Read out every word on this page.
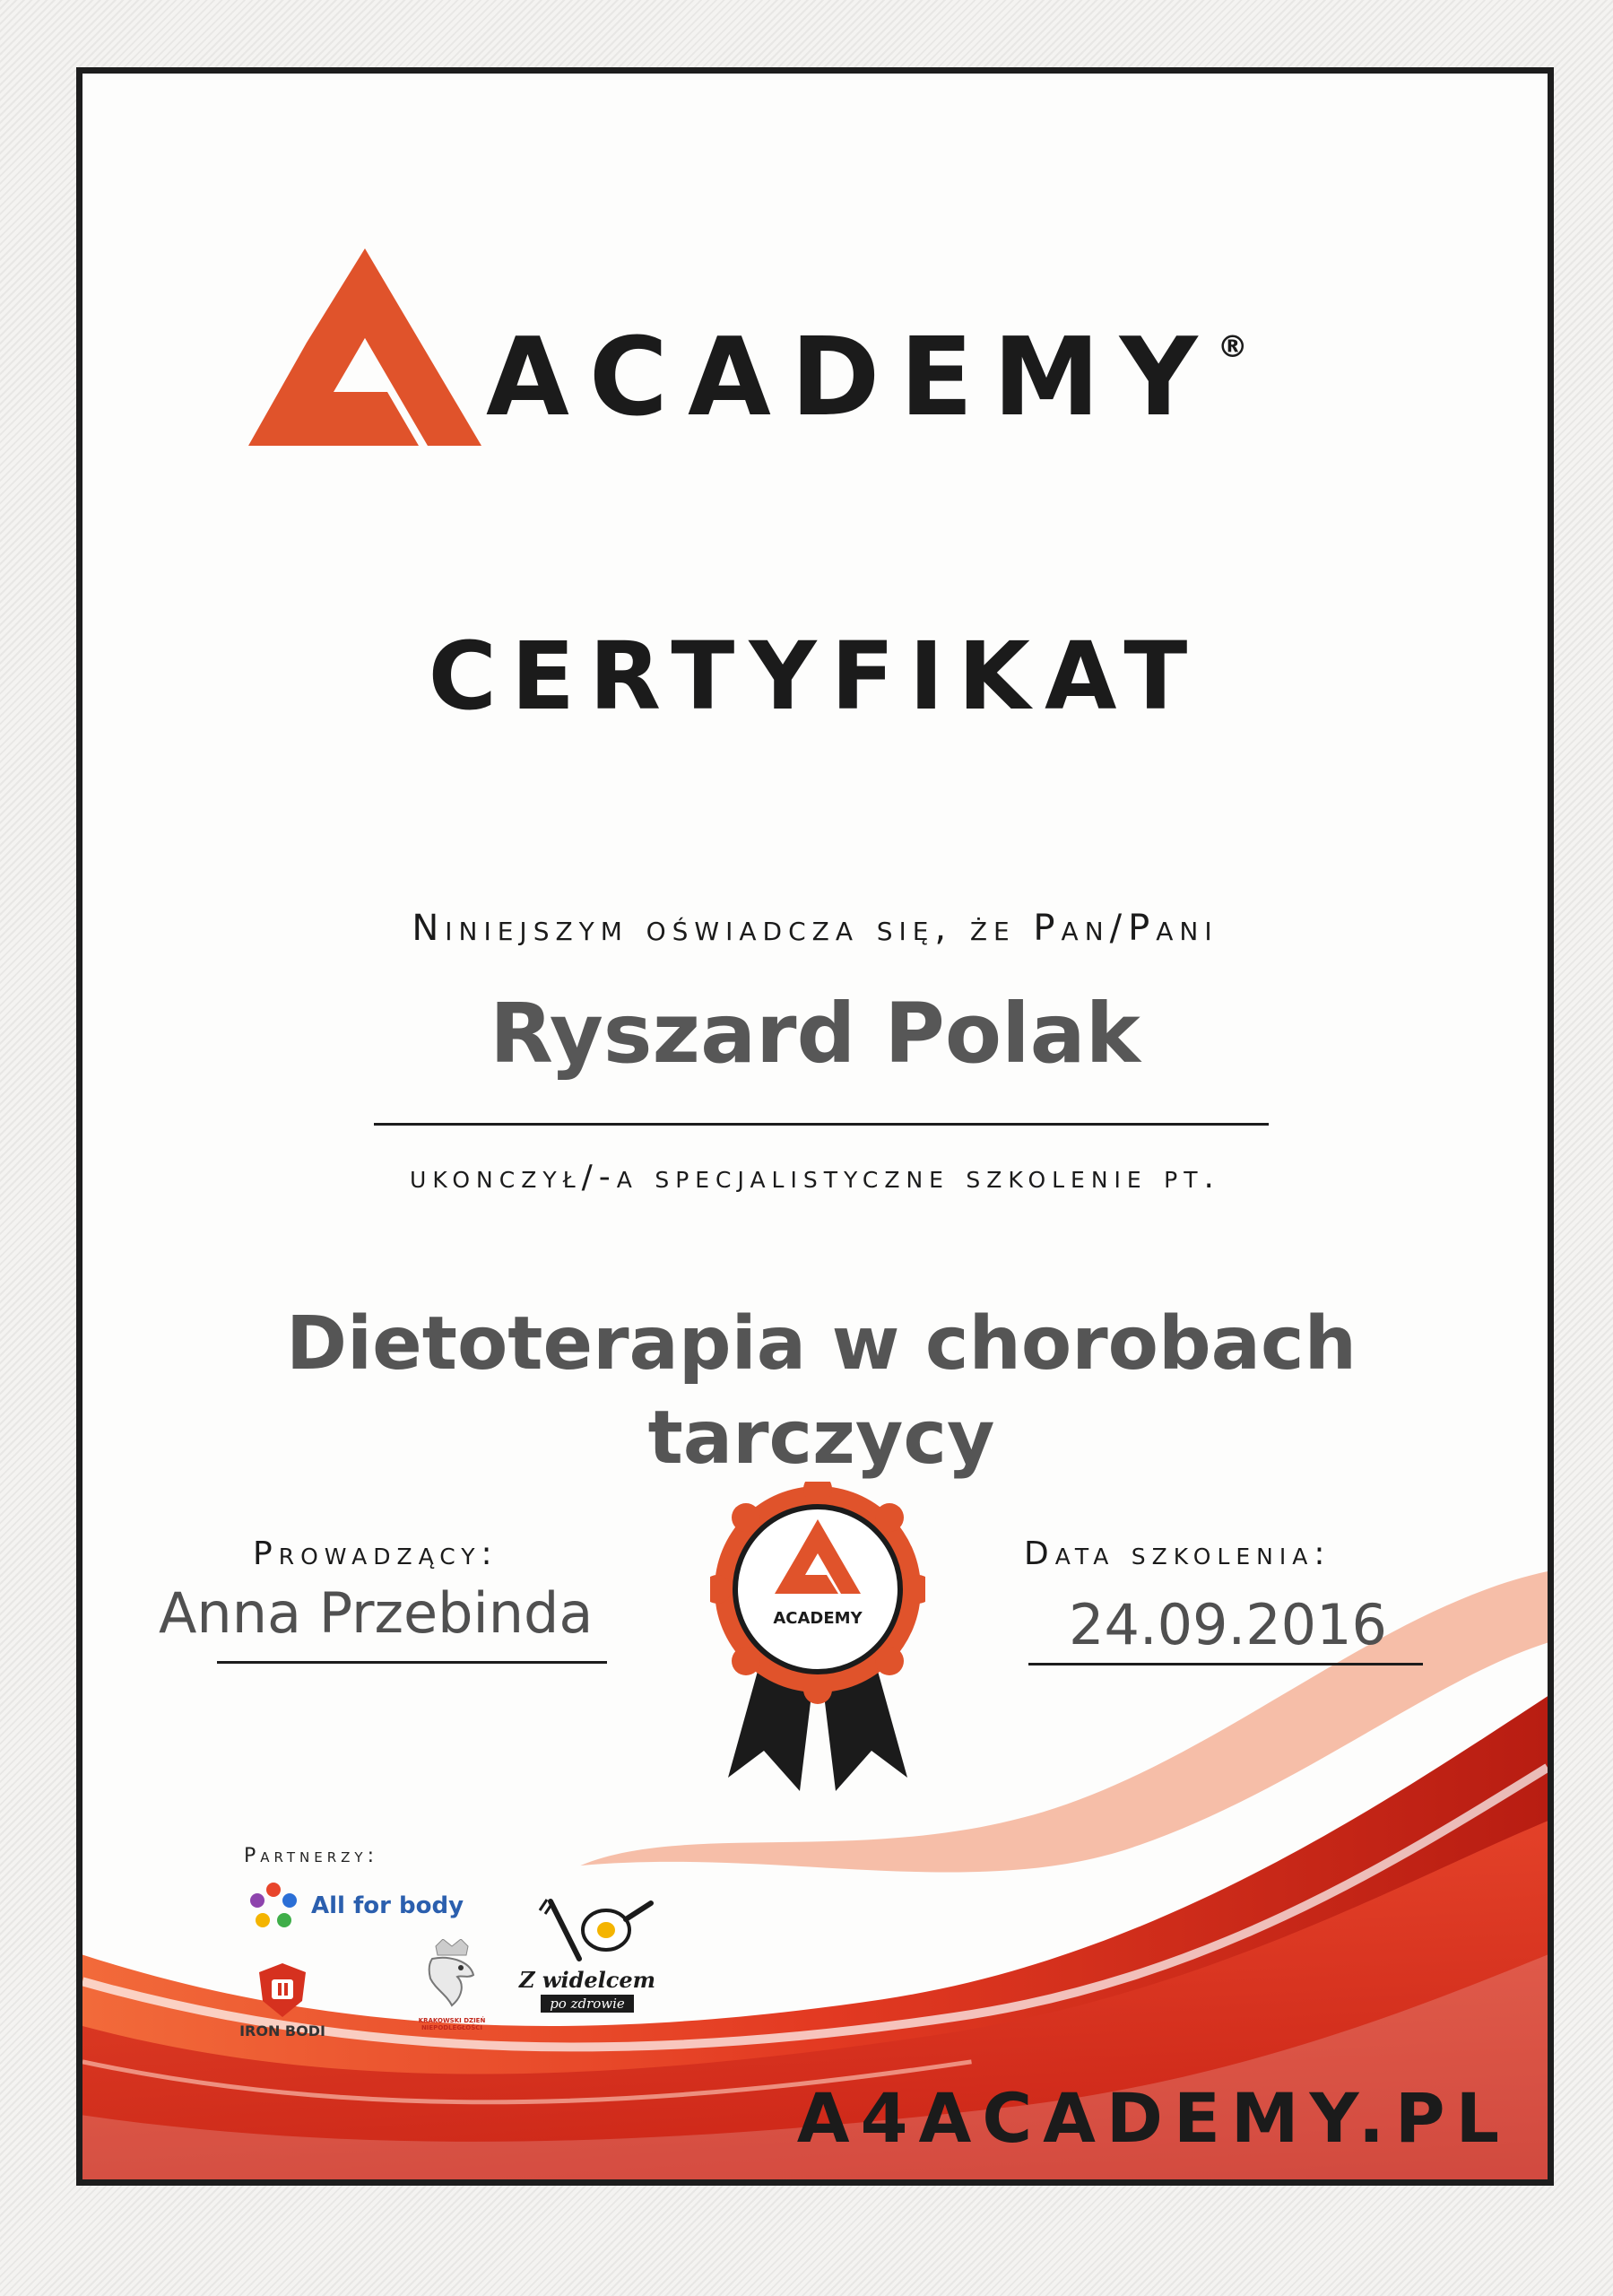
ACADEMY®
CERTYFIKAT
Niniejszym oświadcza się, że Pan/Pani
Ryszard Polak
ukonczył/-a specjalistyczne szkolenie pt.
Dietoterapia w chorobach
tarczycy
Prowadzący:
Anna Przebinda
Data szkolenia:
24.09.2016
ACADEMY
Partnerzy:
All for body
IRON BODI
KRAKOWSKI DZIEŃ NIEPODLEGŁOŚCI
Z widelcem
po zdrowie
A4ACADEMY.PL
